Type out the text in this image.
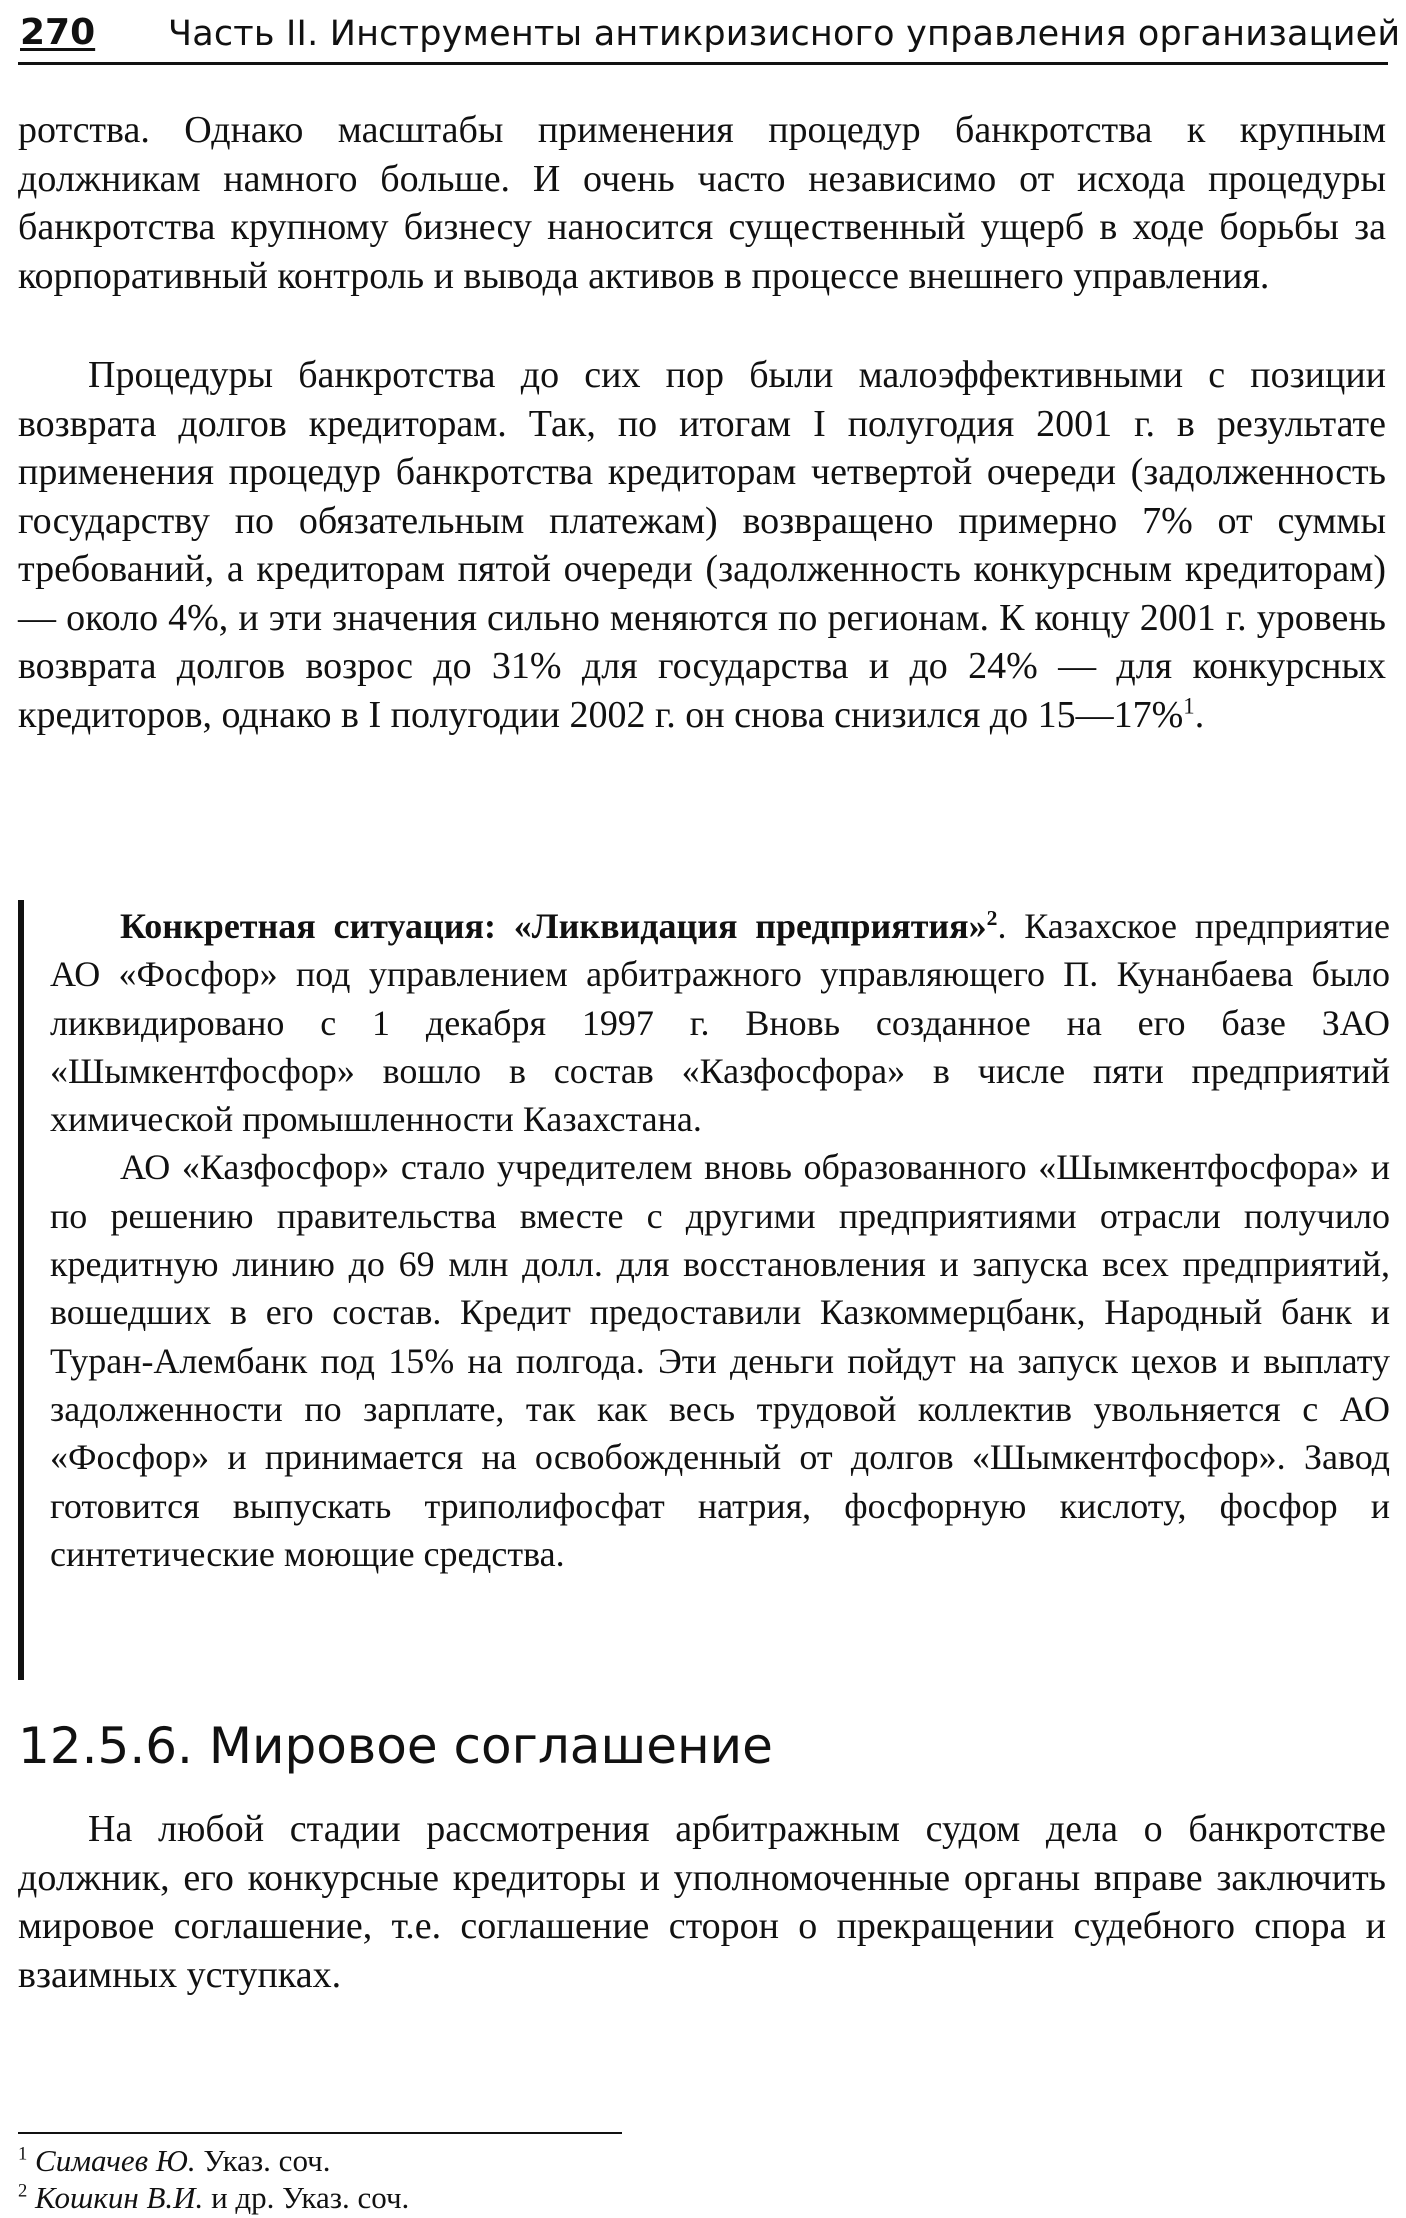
270 Часть II. Инструменты антикризисного управления организацией

ротства. Однако масштабы применения процедур банкротства к крупным должникам намного больше. И очень часто независимо от исхода процедуры банкротства крупному бизнесу наносится существенный ущерб в ходе борьбы за корпоративный контроль и вывода активов в процессе внешнего управления.

Процедуры банкротства до сих пор были малоэффективными с позиции возврата долгов кредиторам. Так, по итогам I полугодия 2001 г. в результате применения процедур банкротства кредиторам четвертой очереди (задолженность государству по обязательным платежам) возвращено примерно 7% от суммы требований, а кредиторам пятой очереди (задолженность конкурсным кредиторам) — около 4%, и эти значения сильно меняются по регионам. К концу 2001 г. уровень возврата долгов возрос до 31% для государства и до 24% — для конкурсных кредиторов, однако в I полугодии 2002 г. он снова снизился до 15—17%$^1$.

Конкретная ситуация: «Ликвидация предприятия»$^2$. Казахское предприятие АО «Фосфор» под управлением арбитражного управляющего П. Кунанбаева было ликвидировано с 1 декабря 1997 г. Вновь созданное на его базе ЗАО «Шымкентфосфор» вошло в состав «Казфосфора» в числе пяти предприятий химической промышленности Казахстана.

АО «Казфосфор» стало учредителем вновь образованного «Шымкентфосфора» и по решению правительства вместе с другими предприятиями отрасли получило кредитную линию до 69 млн долл. для восстановления и запуска всех предприятий, вошедших в его состав. Кредит предоставили Казкоммерцбанк, Народный банк и Туран-Алембанк под 15% на полгода. Эти деньги пойдут на запуск цехов и выплату задолженности по зарплате, так как весь трудовой коллектив увольняется с АО «Фосфор» и принимается на освобожденный от долгов «Шымкентфосфор». Завод готовится выпускать триполифосфат натрия, фосфорную кислоту, фосфор и синтетические моющие средства.

12.5.6. Мировое соглашение

На любой стадии рассмотрения арбитражным судом дела о банкротстве должник, его конкурсные кредиторы и уполномоченные органы вправе заключить мировое соглашение, т.е. соглашение сторон о прекращении судебного спора и взаимных уступках.

$^1$ Симачев Ю. Указ. соч.

$^2$ Кошкин В.И. и др. Указ. соч.
